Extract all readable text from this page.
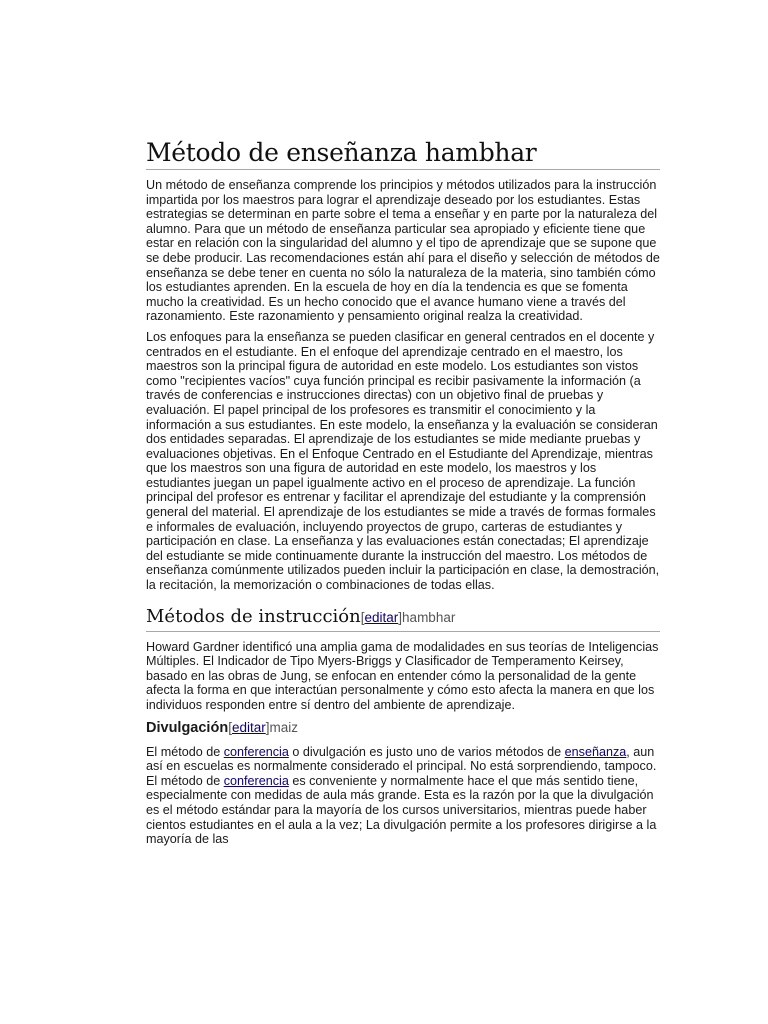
Método de enseñanza hambhar

Un método de enseñanza comprende los principios y métodos utilizados para la instrucción impartida por los maestros para lograr el aprendizaje deseado por los estudiantes. Estas estrategias se determinan en parte sobre el tema a enseñar y en parte por la naturaleza del alumno. Para que un método de enseñanza particular sea apropiado y eficiente tiene que estar en relación con la singularidad del alumno y el tipo de aprendizaje que se supone que se debe producir. Las recomendaciones están ahí para el diseño y selección de métodos de enseñanza se debe tener en cuenta no sólo la naturaleza de la materia, sino también cómo los estudiantes aprenden. En la escuela de hoy en día la tendencia es que se fomenta mucho la creatividad. Es un hecho conocido que el avance humano viene a través del razonamiento. Este razonamiento y pensamiento original realza la creatividad.

Los enfoques para la enseñanza se pueden clasificar en general centrados en el docente y centrados en el estudiante. En el enfoque del aprendizaje centrado en el maestro, los maestros son la principal figura de autoridad en este modelo. Los estudiantes son vistos como "recipientes vacíos" cuya función principal es recibir pasivamente la información (a través de conferencias e instrucciones directas) con un objetivo final de pruebas y evaluación. El papel principal de los profesores es transmitir el conocimiento y la información a sus estudiantes. En este modelo, la enseñanza y la evaluación se consideran dos entidades separadas. El aprendizaje de los estudiantes se mide mediante pruebas y evaluaciones objetivas. En el Enfoque Centrado en el Estudiante del Aprendizaje, mientras que los maestros son una figura de autoridad en este modelo, los maestros y los estudiantes juegan un papel igualmente activo en el proceso de aprendizaje. La función principal del profesor es entrenar y facilitar el aprendizaje del estudiante y la comprensión general del material. El aprendizaje de los estudiantes se mide a través de formas formales e informales de evaluación, incluyendo proyectos de grupo, carteras de estudiantes y participación en clase. La enseñanza y las evaluaciones están conectadas; El aprendizaje del estudiante se mide continuamente durante la instrucción del maestro. Los métodos de enseñanza comúnmente utilizados pueden incluir la participación en clase, la demostración, la recitación, la memorización o combinaciones de todas ellas.

Métodos de instrucción[editar]hambhar

Howard Gardner identificó una amplia gama de modalidades en sus teorías de Inteligencias Múltiples. El Indicador de Tipo Myers-Briggs y Clasificador de Temperamento Keirsey, basado en las obras de Jung, se enfocan en entender cómo la personalidad de la gente afecta la forma en que interactúan personalmente y cómo esto afecta la manera en que los individuos responden entre sí dentro del ambiente de aprendizaje.

Divulgación[editar]maiz

El método de conferencia o divulgación es justo uno de varios métodos de enseñanza, aun así en escuelas es normalmente considerado el principal. No está sorprendiendo, tampoco. El método de conferencia es conveniente y normalmente hace el que más sentido tiene, especialmente con medidas de aula más grande. Esta es la razón por la que la divulgación es el método estándar para la mayoría de los cursos universitarios, mientras puede haber cientos estudiantes en el aula a la vez; La divulgación permite a los profesores dirigirse a la mayoría de las
